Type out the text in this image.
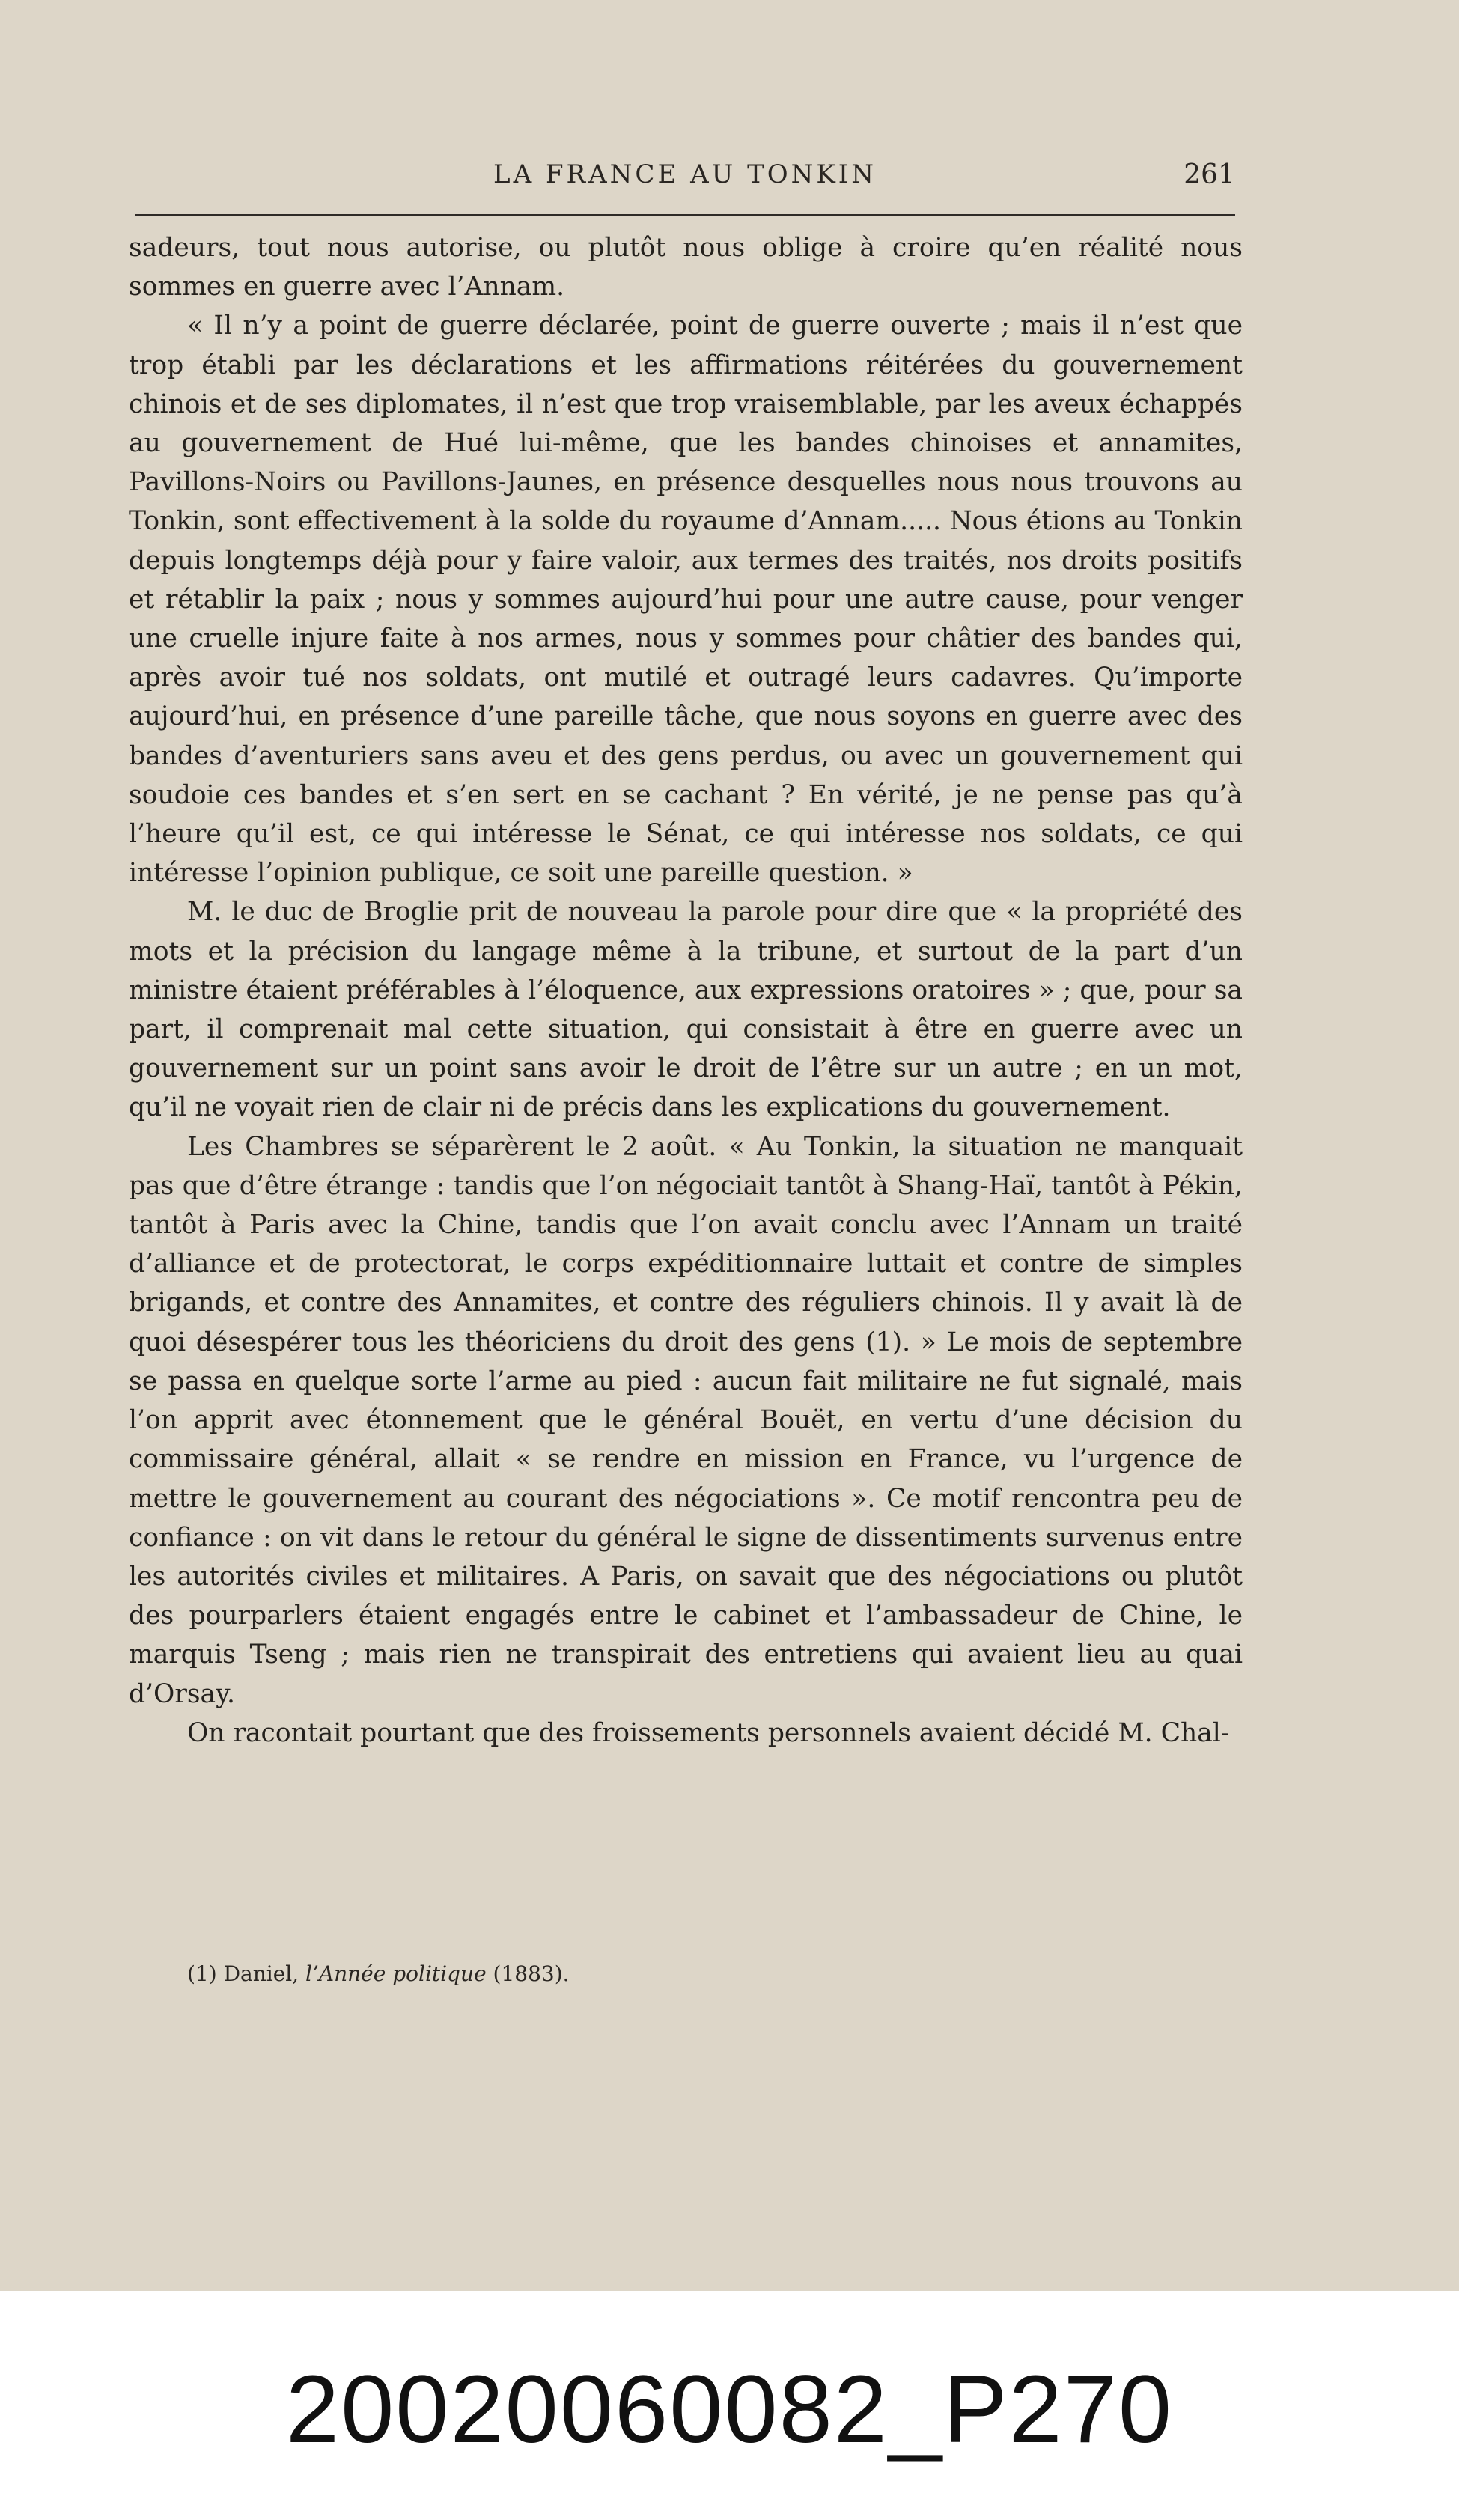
LA FRANCE AU TONKIN	261

sadeurs, tout nous autorise, ou plutôt nous oblige à croire qu’en réalité nous sommes en guerre avec l’Annam.

« Il n’y a point de guerre déclarée, point de guerre ouverte ; mais il n’est que trop établi par les déclarations et les affirmations réitérées du gouvernement chinois et de ses diplomates, il n’est que trop vraisemblable, par les aveux échappés au gouvernement de Hué lui-même, que les bandes chinoises et annamites, Pavillons-Noirs ou Pavillons-Jaunes, en présence desquelles nous nous trouvons au Tonkin, sont effectivement à la solde du royaume d’Annam..... Nous étions au Tonkin depuis longtemps déjà pour y faire valoir, aux termes des traités, nos droits positifs et rétablir la paix ; nous y sommes aujourd’hui pour une autre cause, pour venger une cruelle injure faite à nos armes, nous y sommes pour châtier des bandes qui, après avoir tué nos soldats, ont mutilé et outragé leurs cadavres. Qu’importe aujourd’hui, en présence d’une pareille tâche, que nous soyons en guerre avec des bandes d’aventuriers sans aveu et des gens perdus, ou avec un gouvernement qui soudoie ces bandes et s’en sert en se cachant ? En vérité, je ne pense pas qu’à l’heure qu’il est, ce qui intéresse le Sénat, ce qui intéresse nos soldats, ce qui intéresse l’opinion publique, ce soit une pareille question. »

M. le duc de Broglie prit de nouveau la parole pour dire que « la propriété des mots et la précision du langage même à la tribune, et surtout de la part d’un ministre étaient préférables à l’éloquence, aux expressions oratoires » ; que, pour sa part, il comprenait mal cette situation, qui consistait à être en guerre avec un gouvernement sur un point sans avoir le droit de l’être sur un autre ; en un mot, qu’il ne voyait rien de clair ni de précis dans les explications du gouvernement.

Les Chambres se séparèrent le 2 août. « Au Tonkin, la situation ne manquait pas que d’être étrange : tandis que l’on négociait tantôt à Shang-Haï, tantôt à Pékin, tantôt à Paris avec la Chine, tandis que l’on avait conclu avec l’Annam un traité d’alliance et de protectorat, le corps expéditionnaire luttait et contre de simples brigands, et contre des Annamites, et contre des réguliers chinois. Il y avait là de quoi désespérer tous les théoriciens du droit des gens (1). » Le mois de septembre se passa en quelque sorte l’arme au pied : aucun fait militaire ne fut signalé, mais l’on apprit avec étonnement que le général Bouët, en vertu d’une décision du commissaire général, allait « se rendre en mission en France, vu l’urgence de mettre le gouvernement au courant des négociations ». Ce motif rencontra peu de confiance : on vit dans le retour du général le signe de dissentiments survenus entre les autorités civiles et militaires. A Paris, on savait que des négociations ou plutôt des pourparlers étaient engagés entre le cabinet et l’ambassadeur de Chine, le marquis Tseng ; mais rien ne transpirait des entretiens qui avaient lieu au quai d’Orsay.

On racontait pourtant que des froissements personnels avaient décidé M. Chal-

(1) Daniel, l’Année politique (1883).
20020060082_P270
